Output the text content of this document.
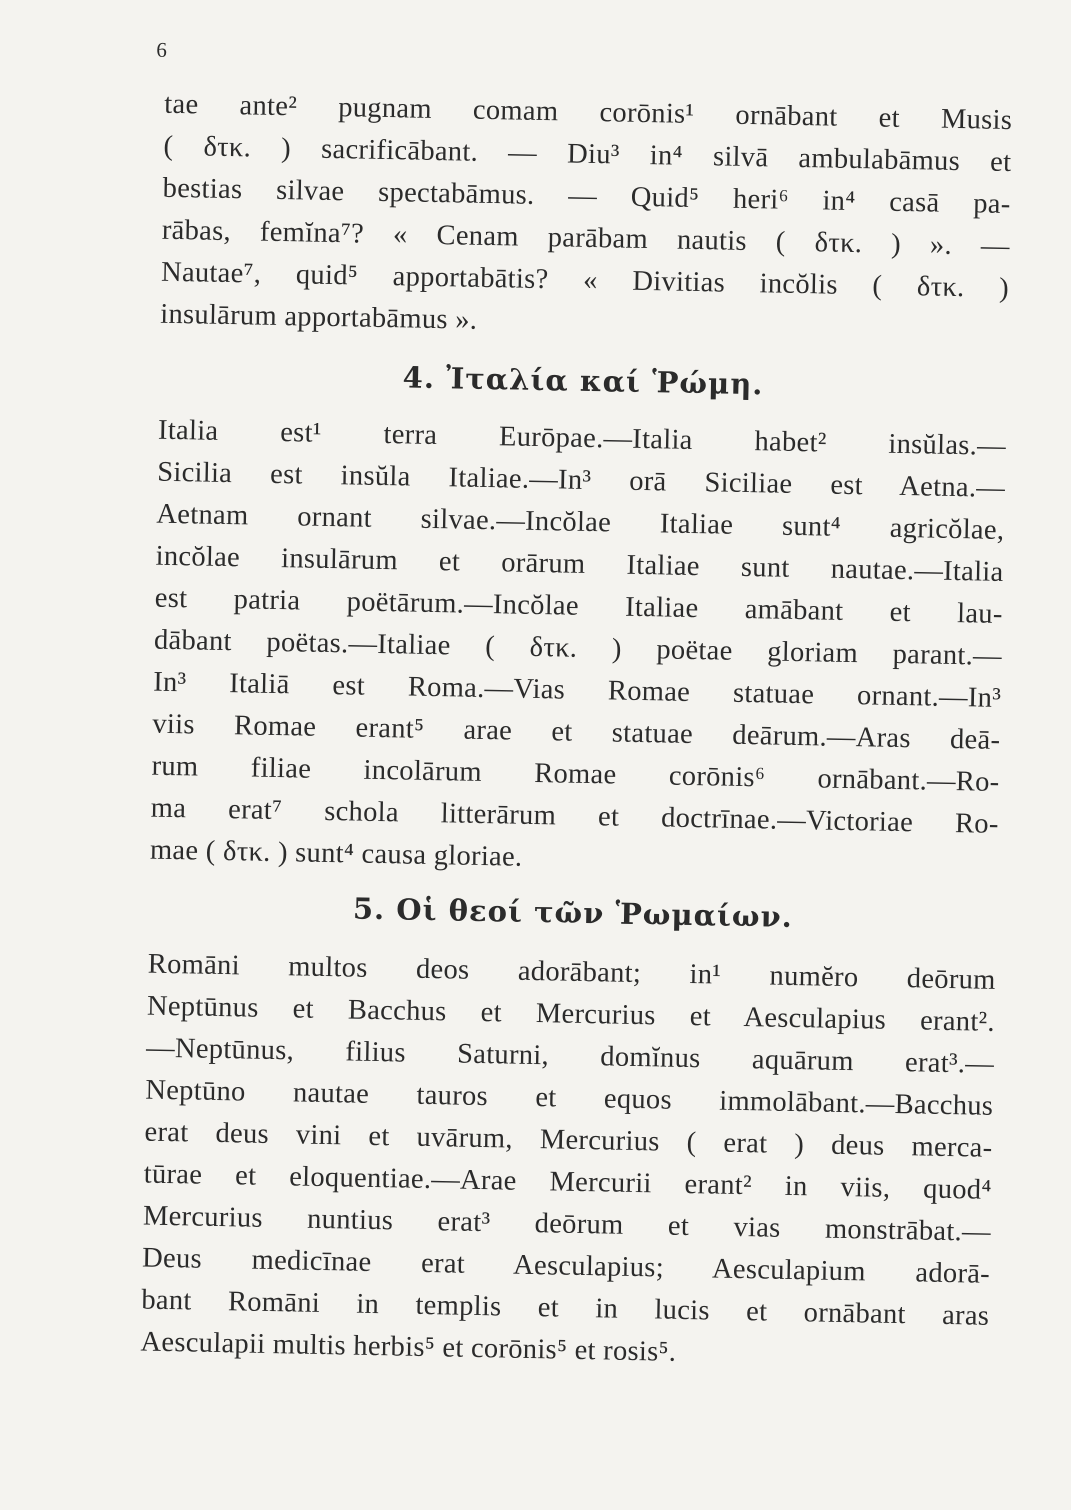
6
tae ante² pugnam comam corōnis¹ ornābant et Musis
( δτκ. ) sacrificābant. — Diu³ in⁴ silvā ambulabāmus et
bestias silvae spectabāmus. — Quid⁵ heri⁶ in⁴ casā pa-
rābas, femĭna⁷? « Cenam parābam nautis ( δτκ. ) ». —
Nautae⁷, quid⁵ apportabātis? « Divitias incŏlis ( δτκ. )
insulārum apportabāmus ».
4. Ἰταλία καί Ῥώμη.
Italia est¹ terra Eurōpae.—Italia habet² insŭlas.—
Sicilia est insŭla Italiae.—In³ orā Siciliae est Aetna.—
Aetnam ornant silvae.—Incŏlae Italiae sunt⁴ agricŏlae,
incŏlae insulārum et orārum Italiae sunt nautae.—Italia
est patria poëtārum.—Incŏlae Italiae amābant et lau-
dābant poëtas.—Italiae ( δτκ. ) poëtae gloriam parant.—
In³ Italiā est Roma.—Vias Romae statuae ornant.—In³
viis Romae erant⁵ arae et statuae deārum.—Aras deā-
rum filiae incolārum Romae corōnis⁶ ornābant.—Ro-
ma erat⁷ schola litterārum et doctrīnae.—Victoriae Ro-
mae ( δτκ. ) sunt⁴ causa gloriae.
5. Οἱ θεοί τῶν Ῥωμαίων.
Romāni multos deos adorābant; in¹ numĕro deōrum
Neptūnus et Bacchus et Mercurius et Aesculapius erant².
—Neptūnus, filius Saturni, domĭnus aquārum erat³.—
Neptūno nautae tauros et equos immolābant.—Bacchus
erat deus vini et uvārum, Mercurius ( erat ) deus merca-
tūrae et eloquentiae.—Arae Mercurii erant² in viis, quod⁴
Mercurius nuntius erat³ deōrum et vias monstrābat.—
Deus medicīnae erat Aesculapius; Aesculapium adorā-
bant Romāni in templis et in lucis et ornābant aras
Aesculapii multis herbis⁵ et corōnis⁵ et rosis⁵.
